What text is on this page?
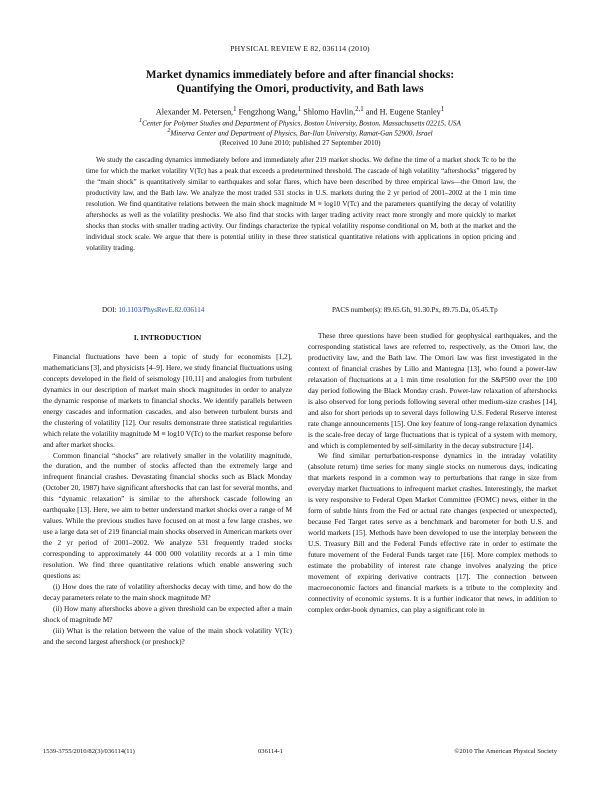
PHYSICAL REVIEW E 82, 036114 (2010)
Market dynamics immediately before and after financial shocks:
Quantifying the Omori, productivity, and Bath laws
Alexander M. Petersen,$^1$ Fengzhong Wang,$^1$ Shlomo Havlin,$^{2,1}$ and H. Eugene Stanley$^1$
$^1$Center for Polymer Studies and Department of Physics, Boston University, Boston, Massachusetts 02215, USA
$^2$Minerva Center and Department of Physics, Bar-Ilan University, Ramat-Gan 52900, Israel
(Received 10 June 2010; published 27 September 2010)

We study the cascading dynamics immediately before and immediately after 219 market shocks. We define the time of a market shock Tc to be the time for which the market volatility V(Tc) has a peak that exceeds a predetermined threshold. The cascade of high volatility “aftershocks” triggered by the “main shock” is quantitatively similar to earthquakes and solar flares, which have been described by three empirical laws—the Omori law, the productivity law, and the Bath law. We analyze the most traded 531 stocks in U.S. markets during the 2 yr period of 2001–2002 at the 1 min time resolution. We find quantitative relations between the main shock magnitude M ≡ log10 V(Tc) and the parameters quantifying the decay of volatility aftershocks as well as the volatility preshocks. We also find that stocks with larger trading activity react more strongly and more quickly to market shocks than stocks with smaller trading activity. Our findings characterize the typical volatility response conditional on M, both at the market and the individual stock scale. We argue that there is potential utility in these three statistical quantitative relations with applications in option pricing and volatility trading.

DOI: 10.1103/PhysRevE.82.036114	PACS number(s): 89.65.Gh, 91.30.Px, 89.75.Da, 05.45.Tp
I. INTRODUCTION

Financial fluctuations have been a topic of study for economists [1,2], mathematicians [3], and physicists [4–9]. Here, we study financial fluctuations using concepts developed in the field of seismology [10,11] and analogies from turbulent dynamics in our description of market main shock magnitudes in order to analyze the dynamic response of markets to financial shocks. We identify parallels between energy cascades and information cascades, and also between turbulent bursts and the clustering of volatility [12]. Our results demonstrate three statistical regularities which relate the volatility magnitude M ≡ log10 V(Tc) to the market response before and after market shocks.

Common financial “shocks” are relatively smaller in the volatility magnitude, the duration, and the number of stocks affected than the extremely large and infrequent financial crashes. Devastating financial shocks such as Black Monday (October 20, 1987) have significant aftershocks that can last for several months, and this “dynamic relaxation” is similar to the aftershock cascade following an earthquake [13]. Here, we aim to better understand market shocks over a range of M values. While the previous studies have focused on at most a few large crashes, we use a large data set of 219 financial main shocks observed in American markets over the 2 yr period of 2001–2002. We analyze 531 frequently traded stocks corresponding to approximately 44 000 000 volatility records at a 1 min time resolution. We find three quantitative relations which enable answering such questions as:

(i) How does the rate of volatility aftershocks decay with time, and how do the decay parameters relate to the main shock magnitude M?

(ii) How many aftershocks above a given threshold can be expected after a main shock of magnitude M?

(iii) What is the relation between the value of the main shock volatility V(Tc) and the second largest aftershock (or preshock)?

These three questions have been studied for geophysical earthquakes, and the corresponding statistical laws are referred to, respectively, as the Omori law, the productivity law, and the Bath law. The Omori law was first investigated in the context of financial crashes by Lillo and Mantegna [13], who found a power-law relaxation of fluctuations at a 1 min time resolution for the S&P500 over the 100 day period following the Black Monday crash. Power-law relaxation of aftershocks is also observed for long periods following several other medium-size crashes [14], and also for short periods up to several days following U.S. Federal Reserve interest rate change announcements [15]. One key feature of long-range relaxation dynamics is the scale-free decay of large fluctuations that is typical of a system with memory, and which is complemented by self-similarity in the decay substructure [14].

We find similar perturbation-response dynamics in the intraday volatility (absolute return) time series for many single stocks on numerous days, indicating that markets respond in a common way to perturbations that range in size from everyday market fluctuations to infrequent market crashes. Interestingly, the market is very responsive to Federal Open Market Committee (FOMC) news, either in the form of subtle hints from the Fed or actual rate changes (expected or unexpected), because Fed Target rates serve as a benchmark and barometer for both U.S. and world markets [15]. Methods have been developed to use the interplay between the U.S. Treasury Bill and the Federal Funds effective rate in order to estimate the future movement of the Federal Funds target rate [16]. More complex methods to estimate the probability of interest rate change involves analyzing the price movement of expiring derivative contracts [17]. The connection between macroeconomic factors and financial markets is a tribute to the complexity and connectivity of economic systems. It is a further indicator that news, in addition to complex order-book dynamics, can play a significant role in

1539-3755/2010/82(3)/036114(11)	036114-1	©2010 The American Physical Society
